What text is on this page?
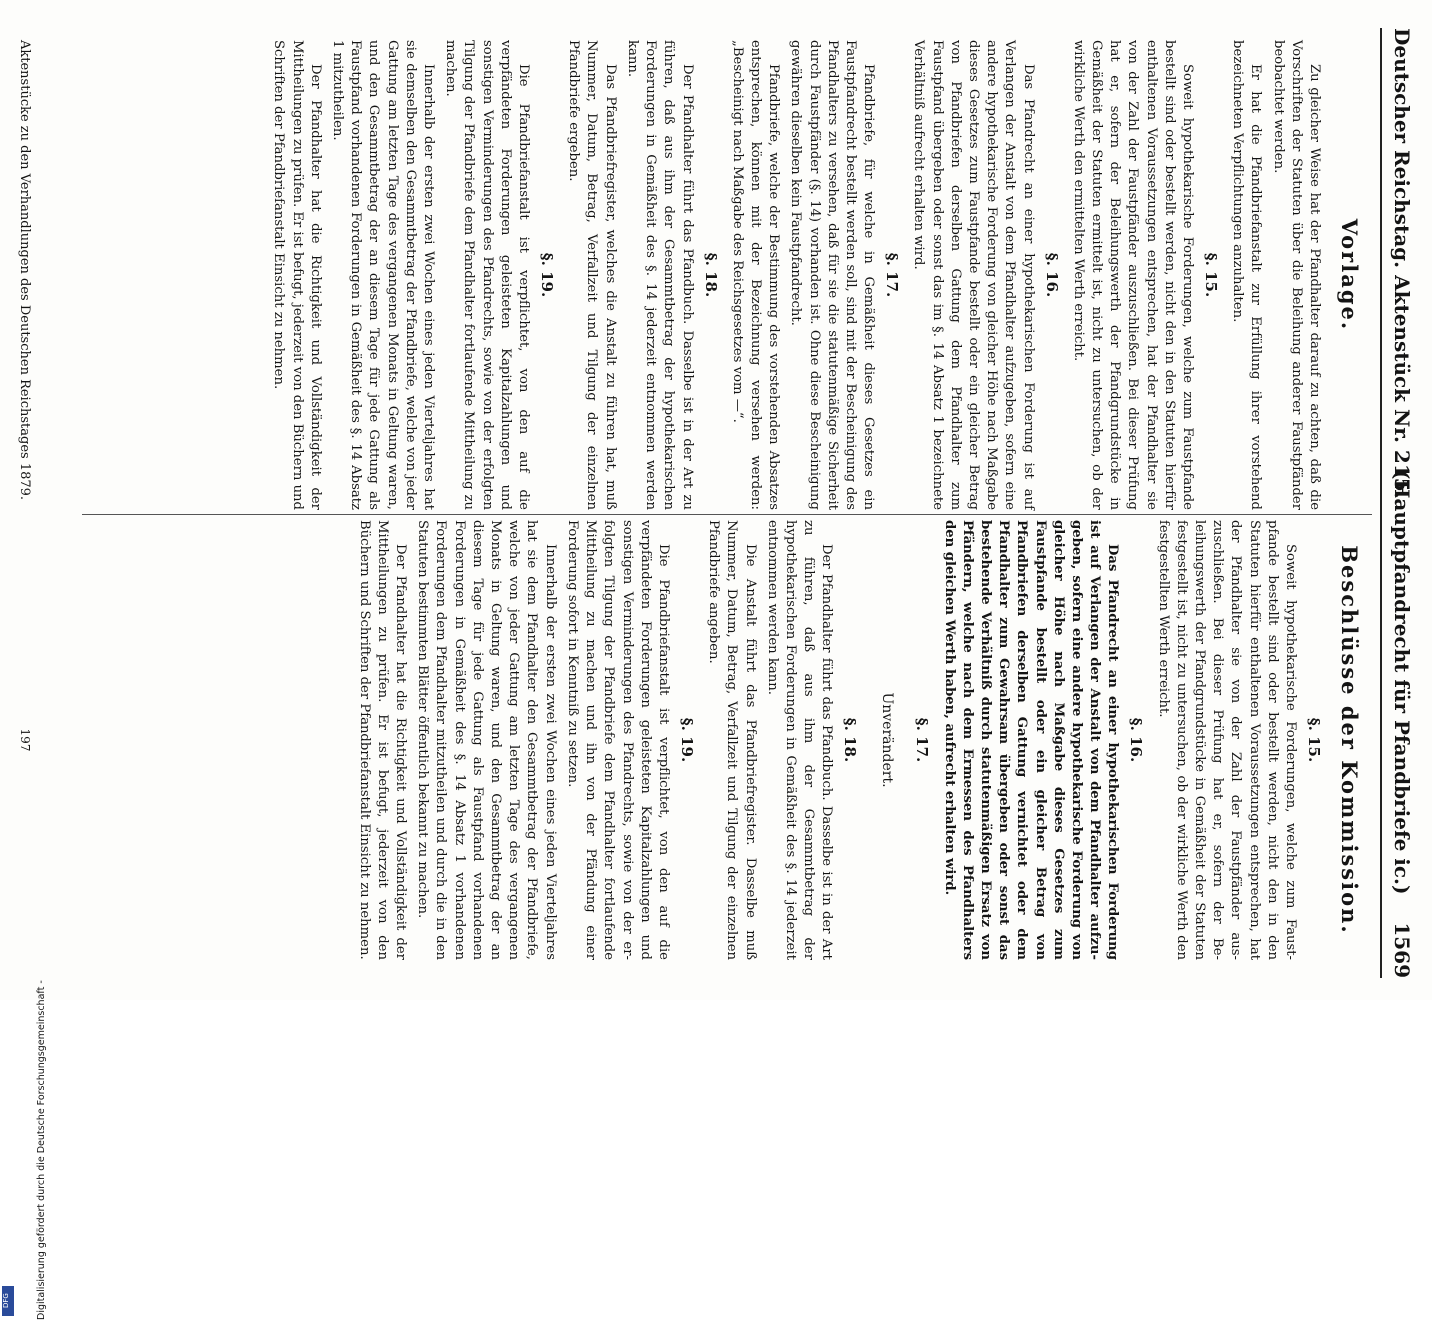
Deutscher Reichstag. Aktenstück Nr. 215.
(Hauptpfandrecht für Pfandbriefe ic.)    1569
Vorlage.

Zu gleicher Weise hat der Pfandhalter darauf zu achten, daß die Vorschriften der Statuten über die Beleihung anderer Faustpfänder beobachtet werden.

Er hat die Pfandbriefanstalt zur Erfüllung ihrer vorstehend bezeichneten Verpflichtungen anzuhalten.

§. 15.

Soweit hypothekarische Forderungen, welche zum Faustpfande bestellt sind oder bestellt werden, nicht den in den Statuten hierfür enthaltenen Voraussetzungen entsprechen, hat der Pfandhalter sie von der Zahl der Faustpfänder auszuschließen. Bei dieser Prüfung hat er, sofern der Beleihungswerth der Pfandgrundstücke in Gemäßheit der Statuten ermittelt ist, nicht zu untersuchen, ob der wirkliche Werth den ermittelten Werth erreicht.

§. 16.

Das Pfandrecht an einer hypothekarischen Forderung ist auf Verlangen der Anstalt von dem Pfandhalter aufzugeben, sofern eine andere hypothekarische Forderung von gleicher Höhe nach Maßgabe dieses Gesetzes zum Faustpfande bestellt oder ein gleicher Betrag von Pfandbriefen derselben Gattung dem Pfandhalter zum Faustpfand übergeben oder sonst das im §. 14 Absatz 1 bezeichnete Verhältniß aufrecht erhalten wird.

§. 17.

Pfandbriefe, für welche in Gemäßheit dieses Gesetzes ein Faustpfandrecht bestellt werden soll, sind mit der Bescheinigung des Pfandhalters zu versehen, daß für sie die statutenmäßige Sicherheit durch Faustpfänder (§. 14) vorhanden ist. Ohne diese Bescheinigung gewähren dieselben kein Faustpfandrecht.

Pfandbriefe, welche der Bestimmung des vorstehenden Absatzes entsprechen, können mit der Bezeichnung versehen werden: „Bescheinigt nach Maßgabe des Reichsgesetzes vom —“.

§. 18.

Der Pfandhalter führt das Pfandbuch. Dasselbe ist in der Art zu führen, daß aus ihm der Gesammtbetrag der hypothekarischen Forderungen in Gemäßheit des §. 14 jederzeit entnommen werden kann.

Das Pfandbriefregister, welches die Anstalt zu führen hat, muß Nummer, Datum, Betrag, Verfallzeit und Tilgung der einzelnen Pfandbriefe ergeben.

§. 19.

Die Pfandbriefanstalt ist verpflichtet, von den auf die verpfändeten Forderungen geleisteten Kapitalzahlungen und sonstigen Verminderungen des Pfandrechts, sowie von der erfolgten Tilgung der Pfandbriefe dem Pfandhalter fortlaufende Mittheilung zu machen.

Innerhalb der ersten zwei Wochen eines jeden Vierteljahres hat sie demselben den Gesammtbetrag der Pfandbriefe, welche von jeder Gattung am letzten Tage des vergangenen Monats in Geltung waren, und den Gesammtbetrag der an diesem Tage für jede Gattung als Faustpfand vorhandenen Forderungen in Gemäßheit des §. 14 Absatz 1 mitzutheilen.

Der Pfandhalter hat die Richtigkeit und Vollständigkeit der Mittheilungen zu prüfen. Er ist befugt, jederzeit von den Büchern und Schriften der Pfandbriefanstalt Einsicht zu nehmen.

Beschlüsse der Kommission.
§. 15.

Soweit hypothekarische Forderungen, welche zum Faustpfande bestellt sind oder bestellt werden, nicht den in den Statuten hierfür enthaltenen Voraussetzungen entsprechen, hat der Pfandhalter sie von der Zahl der Faustpfänder auszuschließen. Bei dieser Prüfung hat er, sofern der Beleihungswerth der Pfandgrundstücke in Gemäßheit der Statuten festgestellt ist, nicht zu untersuchen, ob der wirkliche Werth den festgestellten Werth erreicht.

§. 16.

Das Pfandrecht an einer hypothekarischen Forderung ist auf Verlangen der Anstalt von dem Pfandhalter aufzugeben, sofern eine andere hypothekarische Forderung von gleicher Höhe nach Maßgabe dieses Gesetzes zum Faustpfande bestellt oder ein gleicher Betrag von Pfandbriefen derselben Gattung vernichtet oder dem Pfandhalter zum Gewahrsam übergeben oder sonst das bestehende Verhältniß durch statutenmäßigen Ersatz von Pfändern, welche nach dem Ermessen des Pfandhalters den gleichen Werth haben, aufrecht erhalten wird.

§. 17.
Unverändert.
§. 18.

Der Pfandhalter führt das Pfandbuch. Dasselbe ist in der Art zu führen, daß aus ihm der Gesammtbetrag der hypothekarischen Forderungen in Gemäßheit des §. 14 jederzeit entnommen werden kann.

Die Anstalt führt das Pfandbriefregister. Dasselbe muß Nummer, Datum, Betrag, Verfallzeit und Tilgung der einzelnen Pfandbriefe angeben.

§. 19.

Die Pfandbriefanstalt ist verpflichtet, von den auf die verpfändeten Forderungen geleisteten Kapitalzahlungen und sonstigen Verminderungen des Pfandrechts, sowie von der erfolgten Tilgung der Pfandbriefe dem Pfandhalter fortlaufende Mittheilung zu machen und ihn von der Pfändung einer Forderung sofort in Kenntniß zu setzen.

Innerhalb der ersten zwei Wochen eines jeden Vierteljahres hat sie dem Pfandhalter den Gesammtbetrag der Pfandbriefe, welche von jeder Gattung am letzten Tage des vergangenen Monats in Geltung waren, und den Gesammtbetrag der an diesem Tage für jede Gattung als Faustpfand vorhandenen Forderungen in Gemäßheit des §. 14 Absatz 1 vorhandenen Forderungen dem Pfandhalter mitzutheilen und durch die in den Statuten bestimmten Blätter öffentlich bekannt zu machen.

Der Pfandhalter hat die Richtigkeit und Vollständigkeit der Mittheilungen zu prüfen. Er ist befugt, jederzeit von den Büchern und Schriften der Pfandbriefanstalt Einsicht zu nehmen.

Aktenstücke zu den Verhandlungen des Deutschen Reichstages 1879.
197
Digitalisierung gefördert durch die Deutsche Forschungsgemeinschaft -
DFG
